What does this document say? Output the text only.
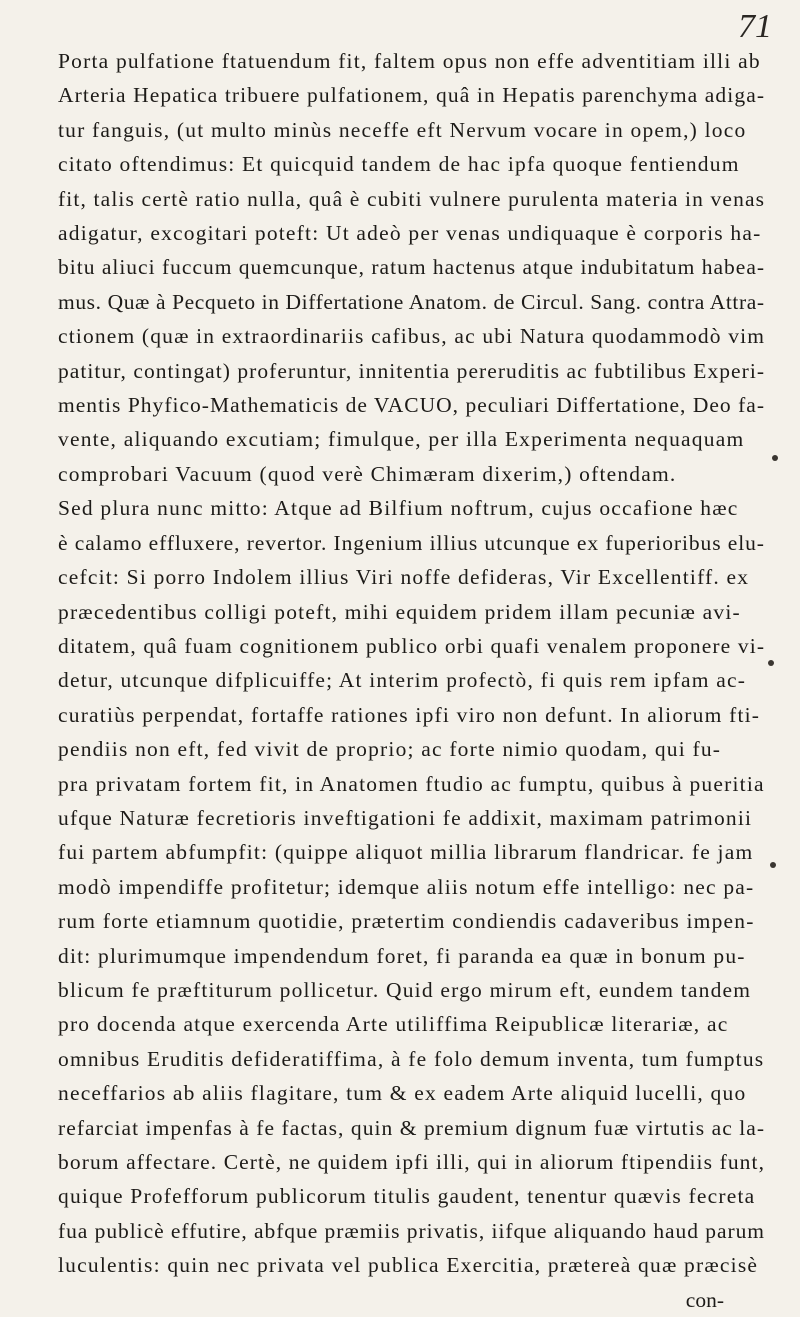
71
Porta pulfatione ftatuendum fit, faltem opus non effe adventitiam illi ab
Arteria Hepatica tribuere pulfationem, quâ in Hepatis parenchyma adiga-
tur fanguis, (ut multo minùs neceffe eft Nervum vocare in opem,) loco
citato oftendimus: Et quicquid tandem de hac ipfa quoque fentiendum
fit, talis certè ratio nulla, quâ è cubiti vulnere purulenta materia in venas
adigatur, excogitari poteft: Ut adeò per venas undiquaque è corporis ha-
bitu aliuci fuccum quemcunque, ratum hactenus atque indubitatum habea-
mus. Quæ à Pecqueto in Differtatione Anatom. de Circul. Sang. contra Attra-
ctionem (quæ in extraordinariis cafibus, ac ubi Natura quodammodò vim
patitur, contingat) proferuntur, innitentia pereruditis ac fubtilibus Experi-
mentis Phyfico-Mathematicis de VACUO, peculiari Differtatione, Deo fa-
vente, aliquando excutiam; fimulque, per illa Experimenta nequaquam
comprobari Vacuum (quod verè Chimæram dixerim,) oftendam.
Sed plura nunc mitto: Atque ad Bilfium noftrum, cujus occafione hæc
è calamo effluxere, revertor. Ingenium illius utcunque ex fuperioribus elu-
cefcit: Si porro Indolem illius Viri noffe defideras, Vir Excellentiff. ex
præcedentibus colligi poteft, mihi equidem pridem illam pecuniæ avi-
ditatem, quâ fuam cognitionem publico orbi quafi venalem proponere vi-
detur, utcunque difplicuiffe; At interim profectò, fi quis rem ipfam ac-
curatiùs perpendat, fortaffe rationes ipfi viro non defunt. In aliorum fti-
pendiis non eft, fed vivit de proprio; ac forte nimio quodam, qui fu-
pra privatam fortem fit, in Anatomen ftudio ac fumptu, quibus à pueritia
ufque Naturæ fecretioris inveftigationi fe addixit, maximam patrimonii
fui partem abfumpfit: (quippe aliquot millia librarum flandricar. fe jam
modò impendiffe profitetur; idemque aliis notum effe intelligo: nec pa-
rum forte etiamnum quotidie, prætertim condiendis cadaveribus impen-
dit: plurimumque impendendum foret, fi paranda ea quæ in bonum pu-
blicum fe præftiturum pollicetur. Quid ergo mirum eft, eundem tandem
pro docenda atque exercenda Arte utiliffima Reipublicæ literariæ, ac
omnibus Eruditis defideratiffima, à fe folo demum inventa, tum fumptus
neceffarios ab aliis flagitare, tum & ex eadem Arte aliquid lucelli, quo
refarciat impenfas à fe factas, quin & premium dignum fuæ virtutis ac la-
borum affectare. Certè, ne quidem ipfi illi, qui in aliorum ftipendiis funt,
quique Profefforum publicorum titulis gaudent, tenentur quævis fecreta
fua publicè effutire, abfque præmiis privatis, iifque aliquando haud parum
luculentis: quin nec privata vel publica Exercitia, prætereà quæ præcisè
con-
